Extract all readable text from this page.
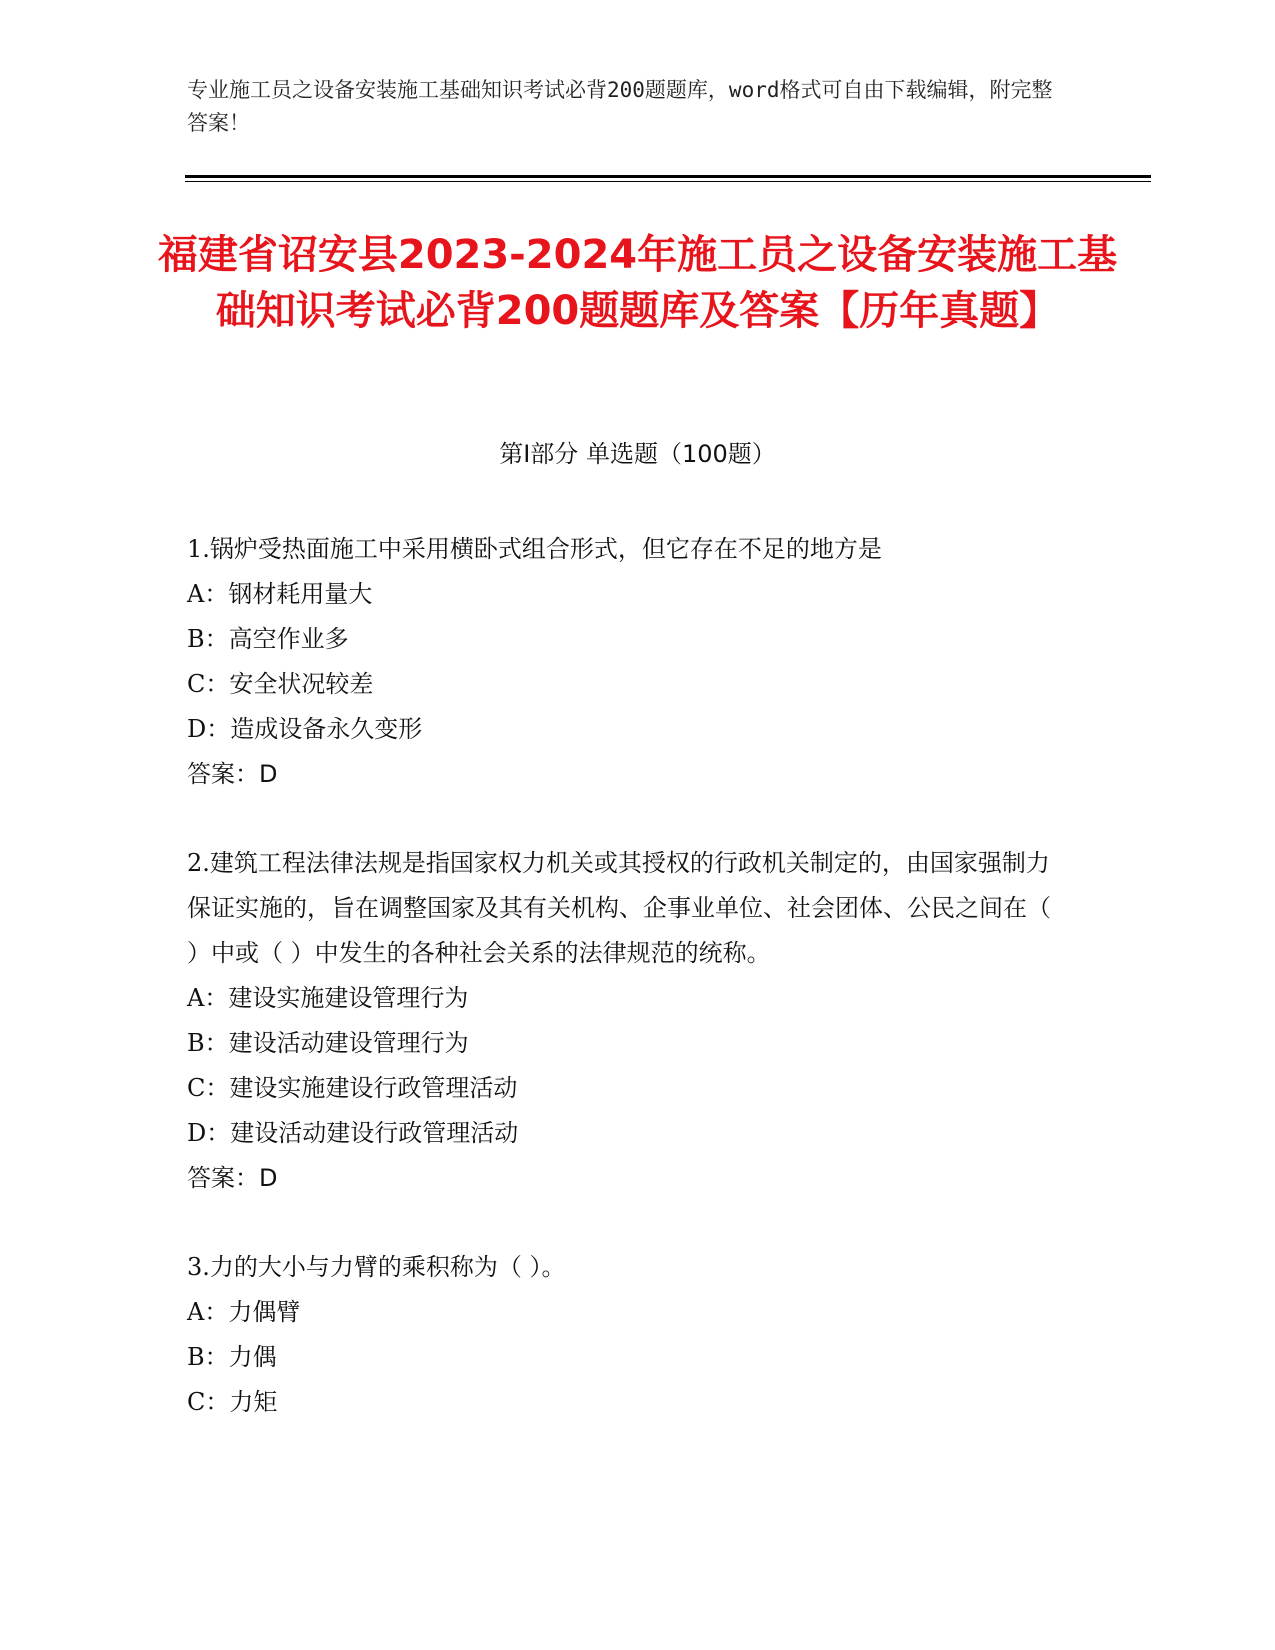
专业施工员之设备安装施工基础知识考试必背200题题库，word格式可自由下载编辑，附完整答案！
福建省诏安县2023-2024年施工员之设备安装施工基础知识考试必背200题题库及答案【历年真题】
第Ⅰ部分 单选题（100题）
1.锅炉受热面施工中采用横卧式组合形式，但它存在不足的地方是
A：钢材耗用量大
B：高空作业多
C：安全状况较差
D：造成设备永久变形
答案：D
2.建筑工程法律法规是指国家权力机关或其授权的行政机关制定的，由国家强制力保证实施的，旨在调整国家及其有关机构、企事业单位、社会团体、公民之间在（ ）中或（ ）中发生的各种社会关系的法律规范的统称。
A：建设实施建设管理行为
B：建设活动建设管理行为
C：建设实施建设行政管理活动
D：建设活动建设行政管理活动
答案：D
3.力的大小与力臂的乘积称为（ ）。
A：力偶臂
B：力偶
C：力矩
